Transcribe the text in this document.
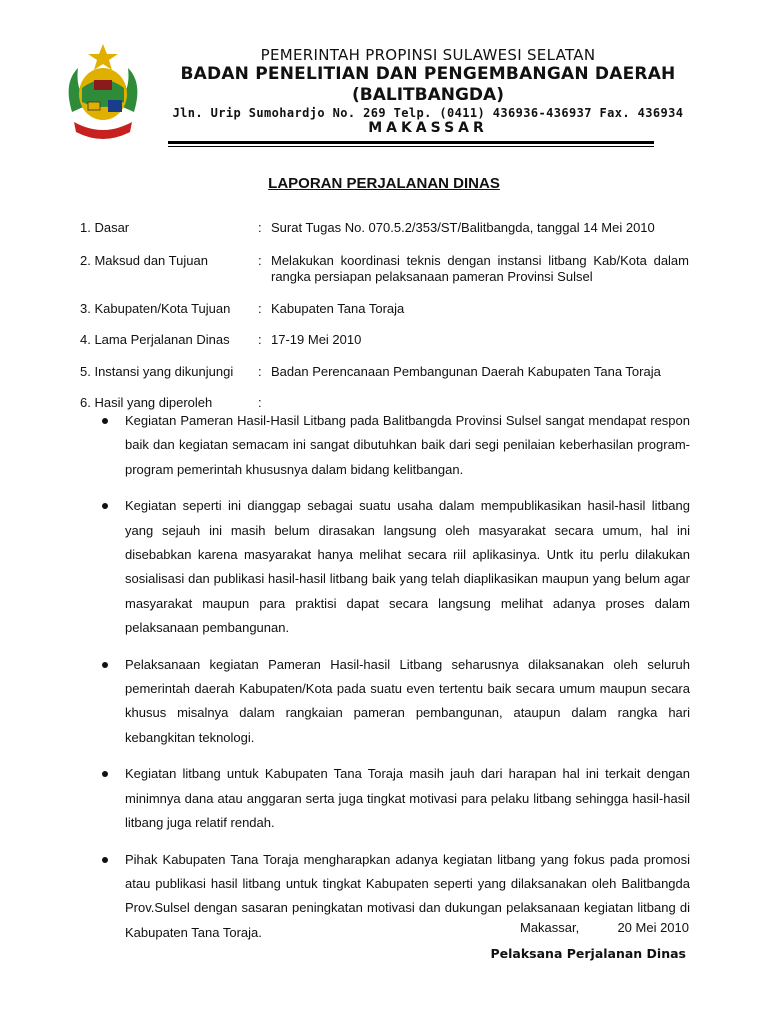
PEMERINTAH PROPINSI SULAWESI SELATAN
BADAN PENELITIAN DAN PENGEMBANGAN DAERAH
(BALITBANGDA)
Jln. Urip Sumohardjo No. 269 Telp. (0411) 436936-436937 Fax. 436934
MAKASSAR
LAPORAN PERJALANAN DINAS
1. Dasar	: Surat Tugas No. 070.5.2/353/ST/Balitbangda, tanggal 14 Mei 2010
2. Maksud dan Tujuan	: Melakukan koordinasi teknis dengan instansi litbang Kab/Kota dalam rangka persiapan pelaksanaan pameran Provinsi Sulsel
3. Kabupaten/Kota Tujuan	: Kabupaten Tana Toraja
4. Lama Perjalanan Dinas	: 17-19 Mei 2010
5. Instansi yang dikunjungi	: Badan Perencanaan Pembangunan Daerah Kabupaten Tana Toraja
6. Hasil yang diperoleh	:
Kegiatan Pameran Hasil-Hasil Litbang pada Balitbangda Provinsi Sulsel sangat mendapat respon baik dan kegiatan semacam ini sangat dibutuhkan baik dari segi penilaian keberhasilan program-program pemerintah khususnya dalam bidang kelitbangan.
Kegiatan seperti ini dianggap sebagai suatu usaha dalam mempublikasikan hasil-hasil litbang yang sejauh ini masih belum dirasakan langsung oleh masyarakat secara umum, hal ini disebabkan karena masyarakat hanya melihat secara riil aplikasinya. Untk itu perlu dilakukan sosialisasi dan publikasi hasil-hasil litbang baik yang telah diaplikasikan maupun yang belum agar masyarakat maupun para praktisi dapat secara langsung melihat adanya proses dalam pelaksanaan pembangunan.
Pelaksanaan kegiatan Pameran Hasil-hasil Litbang seharusnya dilaksanakan oleh seluruh pemerintah daerah Kabupaten/Kota pada suatu even tertentu baik secara umum maupun secara khusus misalnya dalam rangkaian pameran pembangunan, ataupun dalam rangka hari kebangkitan teknologi.
Kegiatan litbang untuk Kabupaten Tana Toraja masih jauh dari harapan hal ini terkait dengan minimnya dana atau anggaran serta juga tingkat motivasi para pelaku litbang sehingga hasil-hasil litbang juga relatif rendah.
Pihak Kabupaten Tana Toraja mengharapkan adanya kegiatan litbang yang fokus pada promosi atau publikasi hasil litbang untuk tingkat Kabupaten seperti yang dilaksanakan oleh Balitbangda Prov.Sulsel dengan sasaran peningkatan motivasi dan dukungan pelaksanaan kegiatan litbang di Kabupaten Tana Toraja.	Makassar,	20 Mei 2010
Pelaksana Perjalanan Dinas
